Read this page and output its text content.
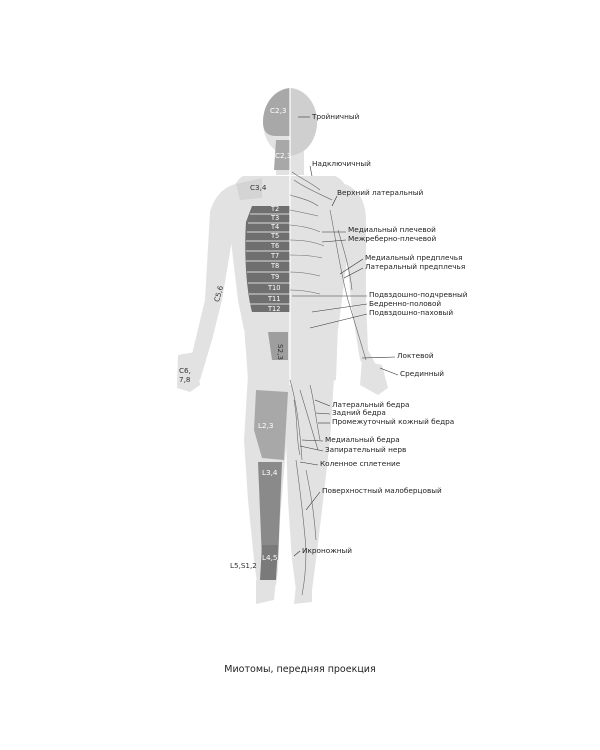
C2,3
C2,3
C3,4
T2
T3
T4
T5
T6
T7
T8
T9
T10
T11
T12
S2,3
C6, 7,8
L2,3
L3,4
L4,5
L5,S1,2
C5,6
Тройничный
Надключичный
Верхний латеральный
Медиальный плечевой
Межреберно-плечевой
Медиальный предплечья
Латеральный предплечья
Подвздошно-подчревный
Бедренно-половой
Подвздошно-паховый
Локтевой
Срединный
Латеральный бедра
Задний бедра
Промежуточный кожный бедра
Медиальный бедра
Запирательный нерв
Коленное сплетение
Поверхностный малоберцовый
Икроножный
Миотомы, передняя проекция
